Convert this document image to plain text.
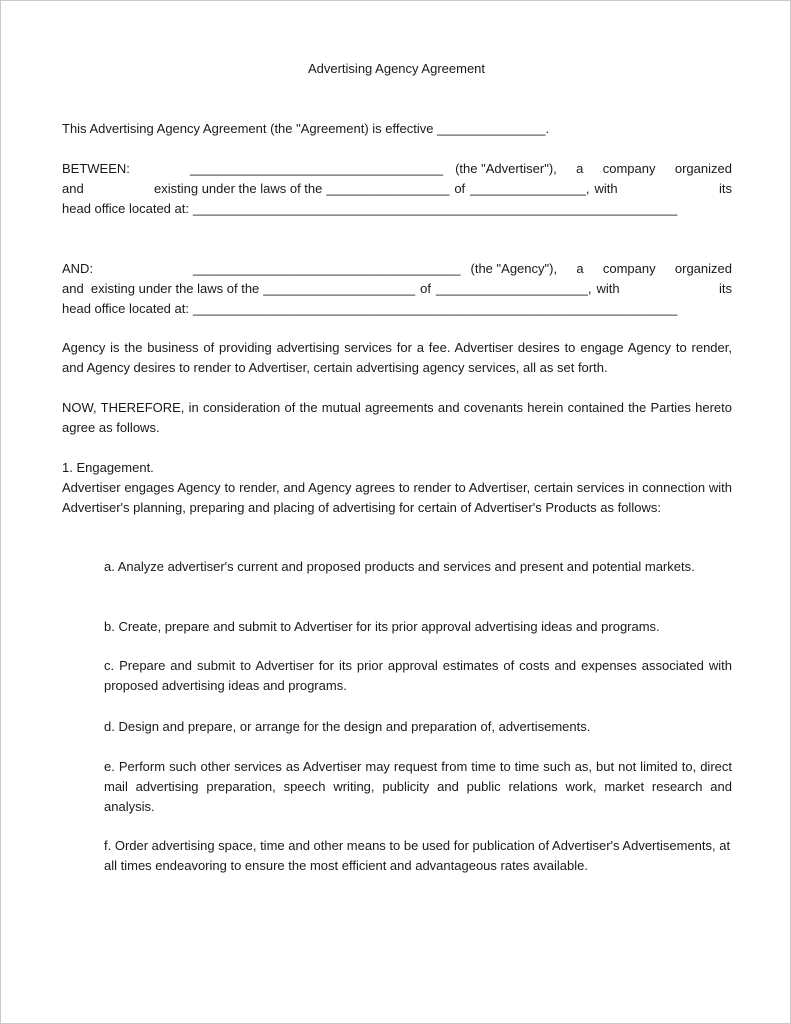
Advertising Agency Agreement

This Advertising Agency Agreement (the "Agreement) is effective _______________.

BETWEEN:	___________________________________ (the "Advertiser"), a company organized
and	existing under the laws of the _________________ of ________________, with	its
head office located at: ___________________________________________________________________
AND:	_____________________________________ (the "Agency"), a company organized
and  existing under the laws of the _____________________ of _____________________, with	its
head office located at: ___________________________________________________________________

Agency is the business of providing advertising services for a fee. Advertiser desires to engage Agency to render, and Agency desires to render to Advertiser, certain advertising agency services, all as set forth.

NOW, THEREFORE, in consideration of the mutual agreements and covenants herein contained the Parties hereto agree as follows.

1. Engagement.

Advertiser engages Agency to render, and Agency agrees to render to Advertiser, certain services in connection with Advertiser's planning, preparing and placing of advertising for certain of Advertiser's Products as follows:

a. Analyze advertiser's current and proposed products and services and present and potential markets.

b. Create, prepare and submit to Advertiser for its prior approval advertising ideas and programs.

c. Prepare and submit to Advertiser for its prior approval estimates of costs and expenses associated with proposed advertising ideas and programs.

d. Design and prepare, or arrange for the design and preparation of, advertisements.

e. Perform such other services as Advertiser may request from time to time such as, but not limited to, direct mail advertising preparation, speech writing, publicity and public relations work, market research and analysis.

f. Order advertising space, time and other means to be used for publication of Advertiser's Advertisements, at all times endeavoring to ensure the most efficient and advantageous rates available.
